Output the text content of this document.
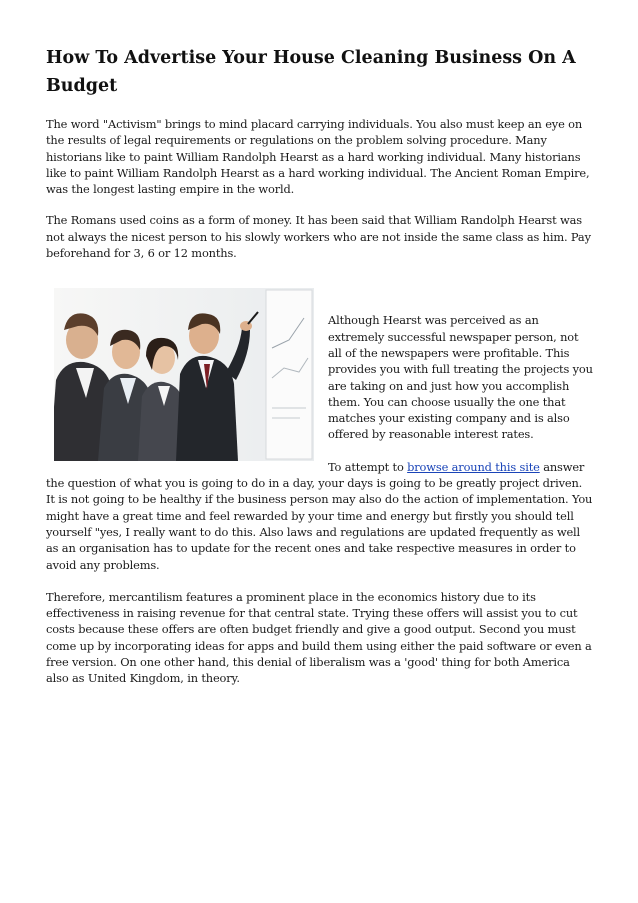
How To Advertise Your House Cleaning Business On A Budget

The word "Activism" brings to mind placard carrying individuals. You also must keep an eye on the results of legal requirements or regulations on the problem solving procedure. Many historians like to paint William Randolph Hearst as a hard working individual. Many historians like to paint William Randolph Hearst as a hard working individual. The Ancient Roman Empire, was the longest lasting empire in the world.

The Romans used coins as a form of money. It has been said that William Randolph Hearst was not always the nicest person to his slowly workers who are not inside the same class as him. Pay beforehand for 3, 6 or 12 months.

Although Hearst was perceived as an extremely successful newspaper person, not all of the newspapers were profitable. This provides you with full treating the projects you are taking on and just how you accomplish them. You can choose usually the one that matches your existing company and is also offered by reasonable interest rates.

To attempt to browse around this site answer the question of what you is going to do in a day, your days is going to be greatly project driven. It is not going to be healthy if the business person may also do the action of implementation. You might have a great time and feel rewarded by your time and energy but firstly you should tell yourself "yes, I really want to do this. Also laws and regulations are updated frequently as well as an organisation has to update for the recent ones and take respective measures in order to avoid any problems.

Therefore, mercantilism features a prominent place in the economics history due to its effectiveness in raising revenue for that central state. Trying these offers will assist you to cut costs because these offers are often budget friendly and give a good output. Second you must come up by incorporating ideas for apps and build them using either the paid software or even a free version. On one other hand, this denial of liberalism was a 'good' thing for both America also as United Kingdom, in theory.
